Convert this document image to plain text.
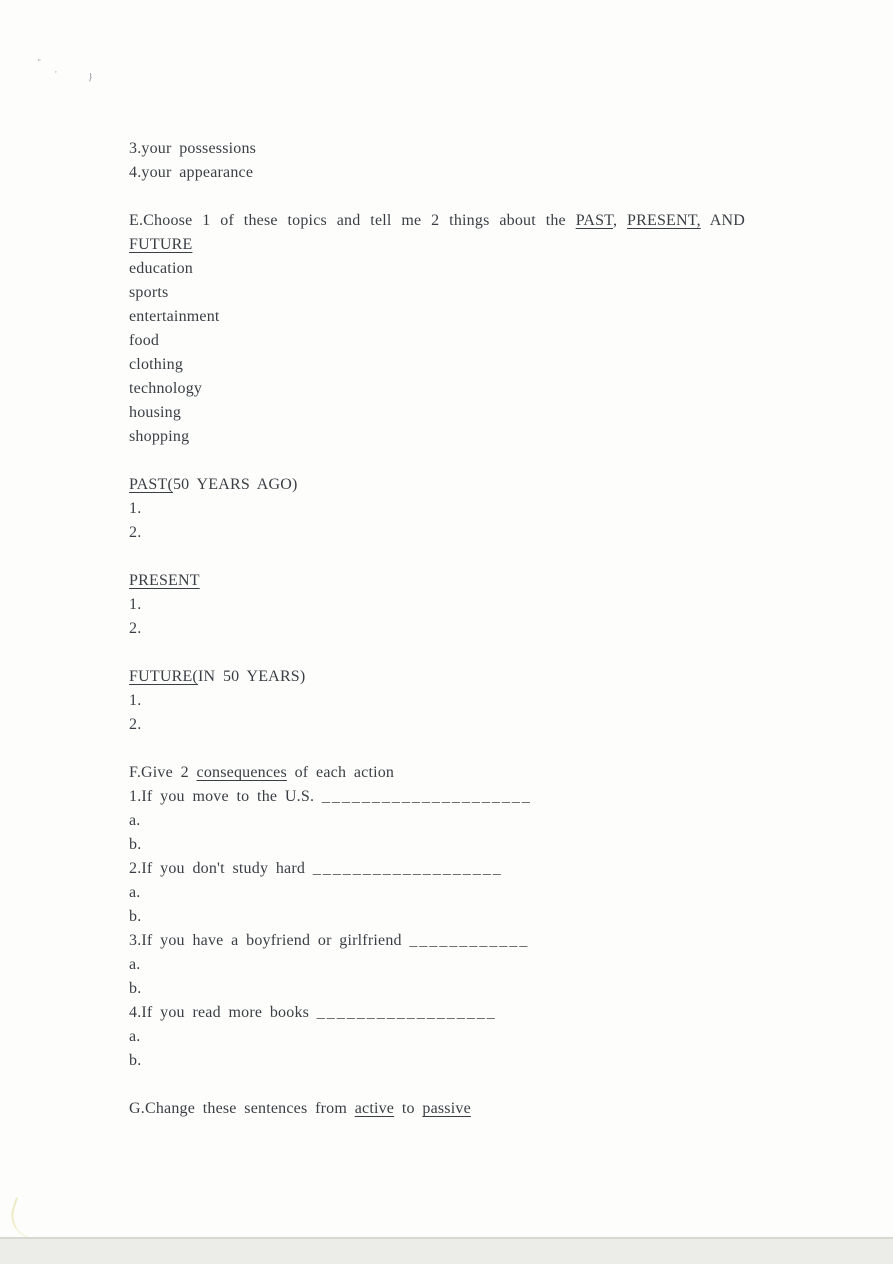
3.your possessions
4.your appearance
E.Choose 1 of these topics and tell me 2 things about the PAST, PRESENT, AND
FUTURE
education
sports
entertainment
food
clothing
technology
housing
shopping
PAST(50 YEARS AGO)
1.
2.
PRESENT
1.
2.
FUTURE(IN 50 YEARS)
1.
2.
F.Give 2 consequences of each action
1.If you move to the U.S. _____________________
a.
b.
2.If you don't study hard ___________________
a.
b.
3.If you have a boyfriend or girlfriend ____________
a.
b.
4.If you read more books __________________
a.
b.
G.Change these sentences from active to passive
"
,
}
